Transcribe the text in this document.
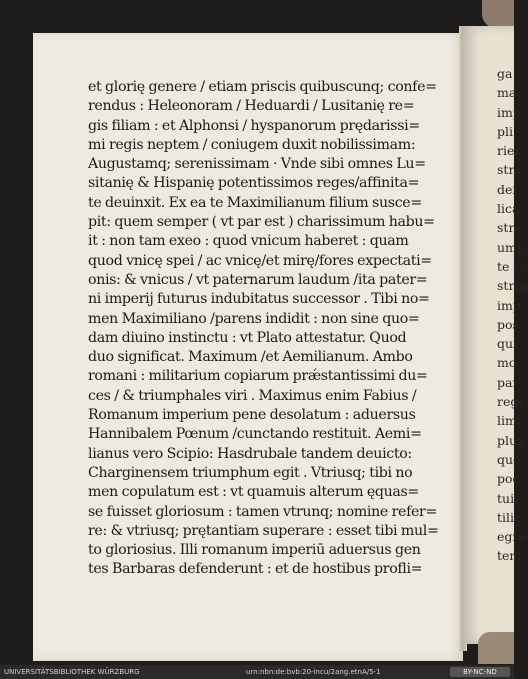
et glorię genere / etiam priscis quibuscunq; confe=
rendus : Heleonoram / Heduardi / Lusitanię re=
gis filiam : et Alphonsi / hyspanorum prędarissi=
mi regis neptem / coniugem duxit nobilissimam:
Augustamq; serenissimam · Vnde sibi omnes Lu=
sitanię & Hispanię potentissimos reges/affinita=
te deuinxit. Ex ea te Maximilianum filium susce=
pit: quem semper ( vt par est ) charissimum habu=
it : non tam exeo : quod vnicum haberet : quam
quod vnicę spei / ac vnicę/et mirę/fores expectati=
onis: & vnicus / vt paternarum laudum /ita pater=
ni imperij futurus indubitatus successor . Tibi no=
men Maximiliano /parens indidit : non sine quo=
dam diuino instinctu : vt Plato attestatur. Quod
duo significat. Maximum /et Aemilianum. Ambo
romani : militarium copiarum prǽstantissimi du=
ces / & triumphales viri . Maximus enim Fabius /
Romanum imperium pene desolatum : aduersus
Hannibalem Pœnum /cunctando restituit. Aemi=
lianus vero Scipio: Hasdrubale tandem deuicto:
Charginensem triumphum egit . Vtriusq; tibi no
men copulatum est : vt quamuis alterum ęquas=
se fuisset gloriosum : tamen vtrunq; nomine refer=
re: & vtriusq; prętantiam superare : esset tibi mul=
to gloriosius. Illi romanum imperiū aduersus gen
tes Barbaras defenderunt : et de hostibus profli=
ga
ma
imp
pli
rier
stra
dei
lica
stre
ump
te co
stres
imp
pos
qui
mo
par
regi
limi
plus
quo
poc
tui :
tilic
egre
tent
UNIVERSITÄTSBIBLIOTHEK WÜRZBURG	urn:nbn:de:bvb:20-incu/2ang.etnA/5-1	BY-NC-ND
